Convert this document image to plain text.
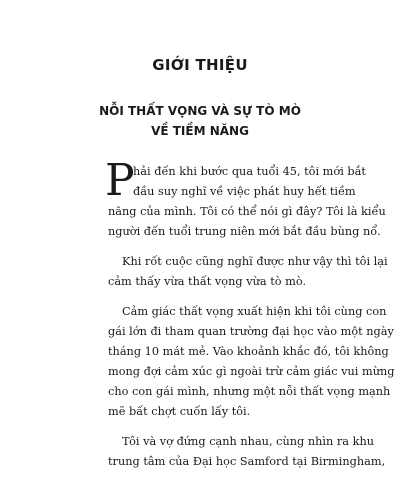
GIỚI THIỆU
NỖI THẤT VỌNG VÀ SỰ TÒ MÒ
VỀ TIỀM NĂNG
P
hải đến khi bước qua tuổi 45, tôi mới bắt
đầu suy nghĩ về việc phát huy hết tiềm
năng của mình. Tôi có thể nói gì đây? Tôi là kiểu
người đến tuổi trung niên mới bắt đầu bùng nổ.
Khi rốt cuộc cũng nghĩ được như vậy thì tôi lại
cảm thấy vừa thất vọng vừa tò mò.
Cảm giác thất vọng xuất hiện khi tôi cùng con
gái lớn đi tham quan trường đại học vào một ngày
tháng 10 mát mẻ. Vào khoảnh khắc đó, tôi không
mong đợi cảm xúc gì ngoài trừ cảm giác vui mừng
cho con gái mình, nhưng một nỗi thất vọng mạnh
mẽ bất chợt cuốn lấy tôi.
Tôi và vợ đứng cạnh nhau, cùng nhìn ra khu
trung tâm của Đại học Samford tại Birmingham,
